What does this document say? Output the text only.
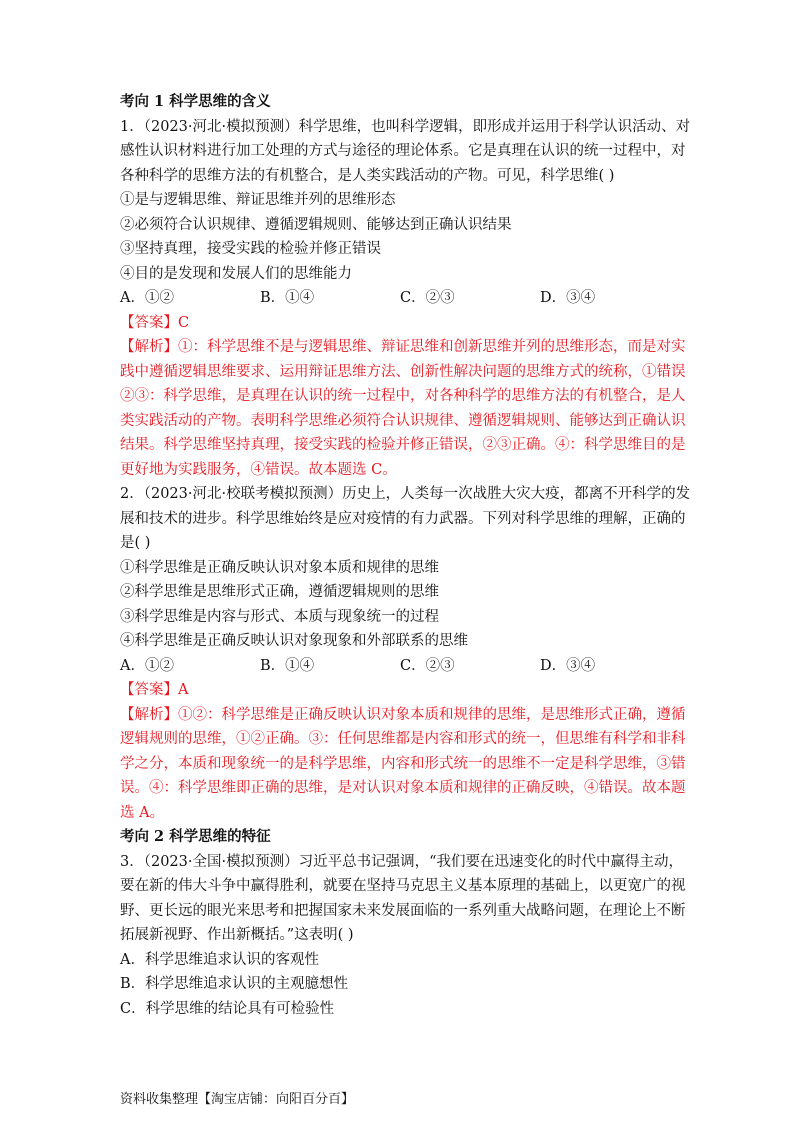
考向 1 科学思维的含义
1．（2023·河北·模拟预测）科学思维，也叫科学逻辑，即形成并运用于科学认识活动、对
感性认识材料进行加工处理的方式与途径的理论体系。它是真理在认识的统一过程中，对
各种科学的思维方法的有机整合，是人类实践活动的产物。可见，科学思维( )
①是与逻辑思维、辩证思维并列的思维形态
②必须符合认识规律、遵循逻辑规则、能够达到正确认识结果
③坚持真理，接受实践的检验并修正错误
④目的是发现和发展人们的思维能力
A．①②	B．①④	C．②③	D．③④
【答案】C
【解析】①：科学思维不是与逻辑思维、辩证思维和创新思维并列的思维形态，而是对实
践中遵循逻辑思维要求、运用辩证思维方法、创新性解决问题的思维方式的统称，①错误
②③：科学思维，是真理在认识的统一过程中，对各种科学的思维方法的有机整合，是人
类实践活动的产物。表明科学思维必须符合认识规律、遵循逻辑规则、能够达到正确认识
结果。科学思维坚持真理，接受实践的检验并修正错误，②③正确。④：科学思维目的是
更好地为实践服务，④错误。故本题选 C。
2．（2023·河北·校联考模拟预测）历史上，人类每一次战胜大灾大疫，都离不开科学的发
展和技术的进步。科学思维始终是应对疫情的有力武器。下列对科学思维的理解，正确的
是( )
①科学思维是正确反映认识对象本质和规律的思维
②科学思维是思维形式正确，遵循逻辑规则的思维
③科学思维是内容与形式、本质与现象统一的过程
④科学思维是正确反映认识对象现象和外部联系的思维
A．①②	B．①④	C．②③	D．③④
【答案】A
【解析】①②：科学思维是正确反映认识对象本质和规律的思维，是思维形式正确，遵循
逻辑规则的思维，①②正确。③：任何思维都是内容和形式的统一，但思维有科学和非科
学之分，本质和现象统一的是科学思维，内容和形式统一的思维不一定是科学思维，③错
误。④：科学思维即正确的思维，是对认识对象本质和规律的正确反映，④错误。故本题
选 A。
考向 2 科学思维的特征
3．（2023·全国·模拟预测）习近平总书记强调，“我们要在迅速变化的时代中赢得主动，
要在新的伟大斗争中赢得胜利，就要在坚持马克思主义基本原理的基础上，以更宽广的视
野、更长远的眼光来思考和把握国家未来发展面临的一系列重大战略问题，在理论上不断
拓展新视野、作出新概括。”这表明( )
A．科学思维追求认识的客观性
B．科学思维追求认识的主观臆想性
C．科学思维的结论具有可检验性
资料收集整理【淘宝店铺：向阳百分百】
